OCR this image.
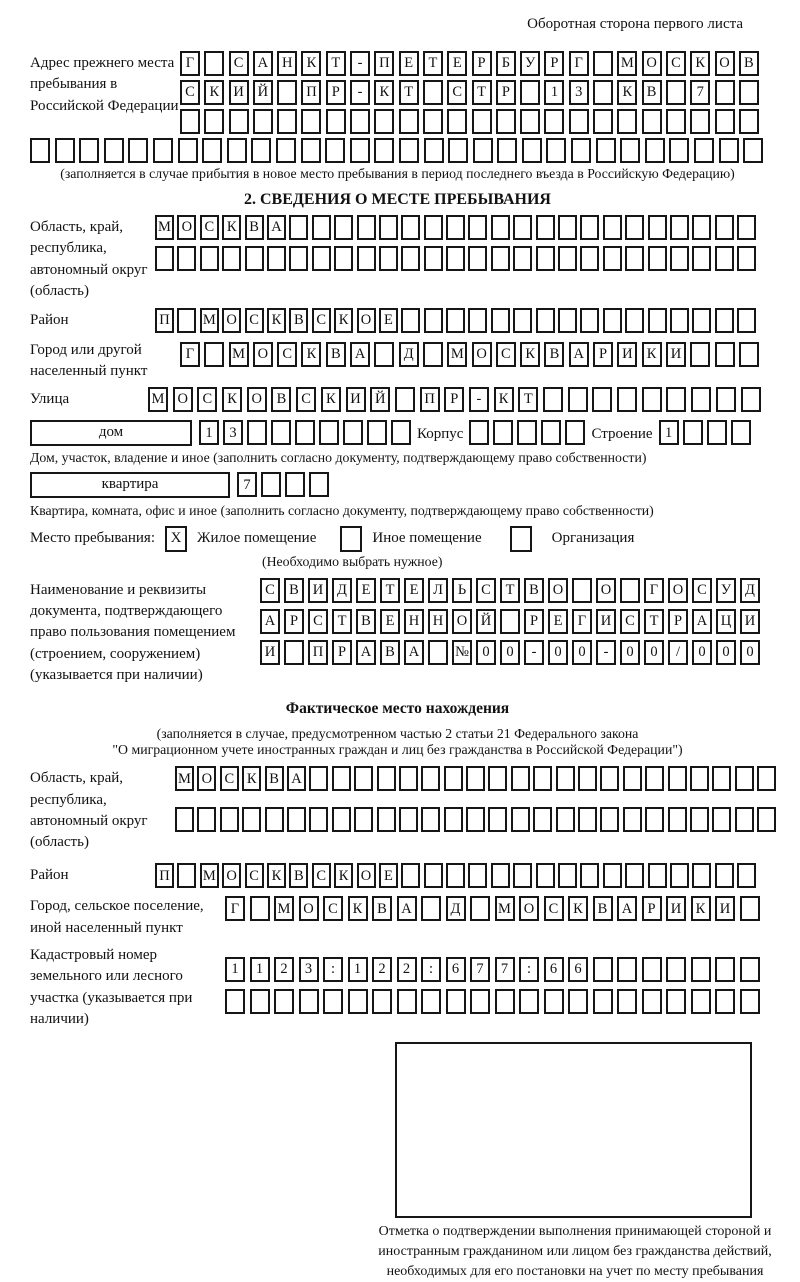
Оборотная сторона первого листа
Адрес прежнего места пребывания в Российской Федерации
Г	С А Н К	Т	-	П	Е	Т	Е	Р	Б	У	Р	Г	М О С	К О В
С	К И Й	П	Р	-	К	Т	С	Т	Р	1	3	К	В	7
(заполняется в случае прибытия в новое место пребывания в период последнего въезда в Российскую Федерацию)
2. СВЕДЕНИЯ О МЕСТЕ ПРЕБЫВАНИЯ
Область, край, республика, автономный округ (область)
М О С К В А
Район	П М О С К В С К О Е
Город или другой населенный пункт
Г	М О С	К	В А	Д	М О С	К	В А	Р	И К И
Улица	М О	С	К	О	В	С	К	И Й	П	Р	-	К	Т
дом	1	3	Корпус	Строение 1
Дом, участок, владение и иное (заполнить согласно документу, подтверждающему право собственности)
квартира	7
Квартира, комната, офис и иное (заполнить согласно документу, подтверждающему право собственности)
Место пребывания:	X	Жилое помещение	Иное помещение	Организация
(Необходимо выбрать нужное)
Наименование и реквизиты документа, подтверждающего право пользования помещением (строением, сооружением) (указывается при наличии)
С В И Д	Е	Т	Е	Л	Ь	С	Т	В О	О	Г	О С У Д
А	Р	С	Т	В	Е Н Н О Й	Р	Е	Г	И С	Т	Р	А Ц И
И	П	Р	А В А	№ 0	0	-	0	0	-	0	0	/	0	0	0
Фактическое место нахождения
(заполняется в случае, предусмотренном частью 2 статьи 21 Федерального закона
"О миграционном учете иностранных граждан и лиц без гражданства в Российской Федерации")
Область, край, республика, автономный округ (область)
М О С К В А
Район	П М О С К В С К О Е
Город, сельское поселение, иной населенный пункт
Г	М О С	К	В А	Д	М О С	К	В А	Р	И К И
Кадастровый номер земельного или лесного участка (указывается при наличии)
1	1	2	3	:	1	2	2	:	6	7	7	:	6	6
Отметка о подтверждении выполнения принимающей стороной и иностранным гражданином или лицом без гражданства действий, необходимых для его постановки на учет по месту пребывания
